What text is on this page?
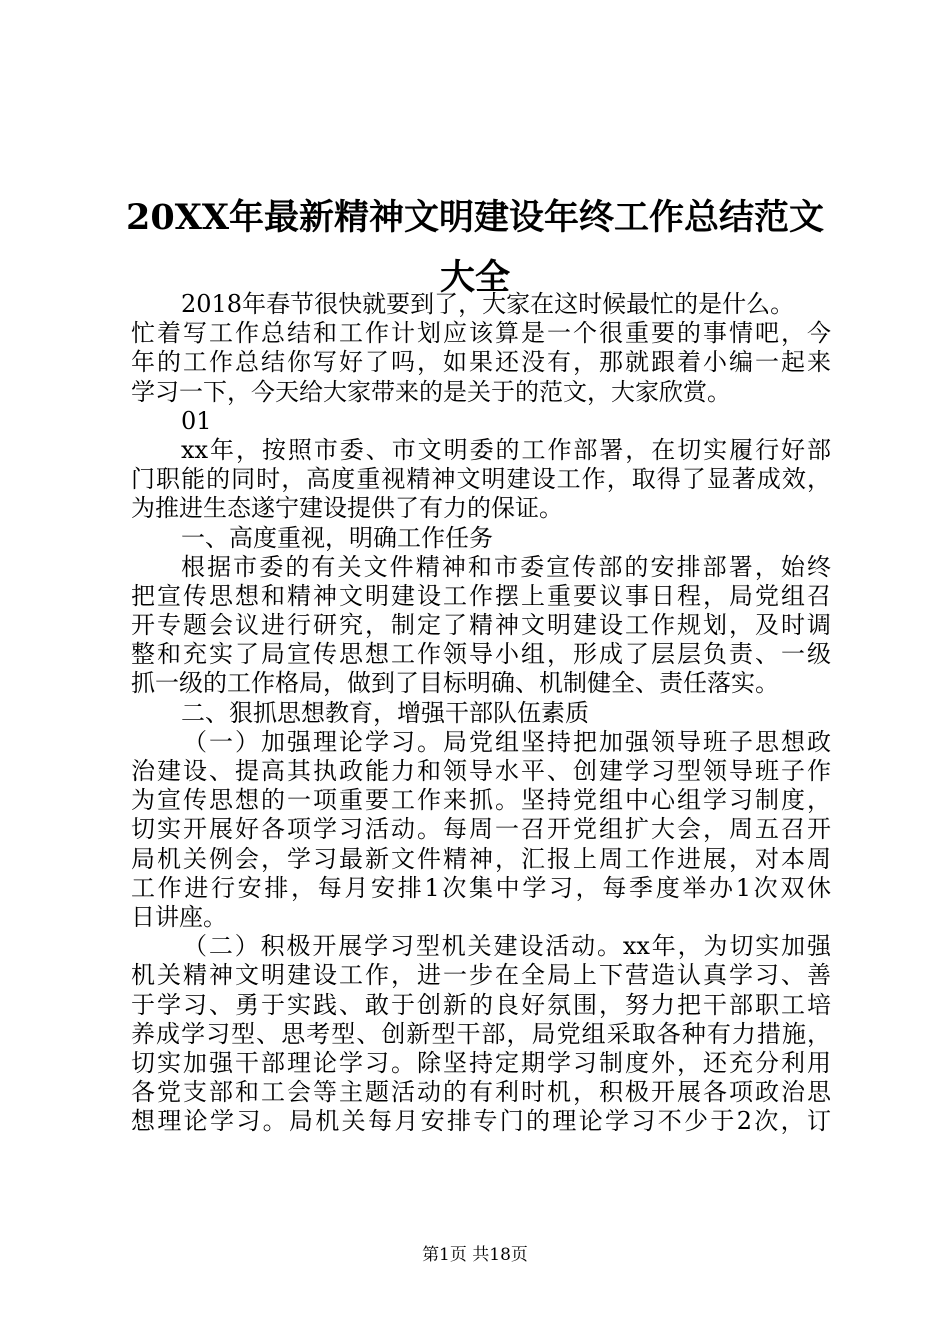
20XX年最新精神文明建设年终工作总结范文
大全
2018年春节很快就要到了，大家在这时候最忙的是什么。
忙着写工作总结和工作计划应该算是一个很重要的事情吧，今
年的工作总结你写好了吗，如果还没有，那就跟着小编一起来
学习一下，今天给大家带来的是关于的范文，大家欣赏。
01
xx年，按照市委、市文明委的工作部署，在切实履行好部
门职能的同时，高度重视精神文明建设工作，取得了显著成效，
为推进生态遂宁建设提供了有力的保证。
一、高度重视，明确工作任务
根据市委的有关文件精神和市委宣传部的安排部署，始终
把宣传思想和精神文明建设工作摆上重要议事日程，局党组召
开专题会议进行研究，制定了精神文明建设工作规划，及时调
整和充实了局宣传思想工作领导小组，形成了层层负责、一级
抓一级的工作格局，做到了目标明确、机制健全、责任落实。
二、狠抓思想教育，增强干部队伍素质
（一）加强理论学习。局党组坚持把加强领导班子思想政
治建设、提高其执政能力和领导水平、创建学习型领导班子作
为宣传思想的一项重要工作来抓。坚持党组中心组学习制度，
切实开展好各项学习活动。每周一召开党组扩大会，周五召开
局机关例会，学习最新文件精神，汇报上周工作进展，对本周
工作进行安排，每月安排1次集中学习，每季度举办1次双休
日讲座。
（二）积极开展学习型机关建设活动。xx年，为切实加强
机关精神文明建设工作，进一步在全局上下营造认真学习、善
于学习、勇于实践、敢于创新的良好氛围，努力把干部职工培
养成学习型、思考型、创新型干部，局党组采取各种有力措施，
切实加强干部理论学习。除坚持定期学习制度外，还充分利用
各党支部和工会等主题活动的有利时机，积极开展各项政治思
想理论学习。局机关每月安排专门的理论学习不少于2次，订
第1页 共18页
